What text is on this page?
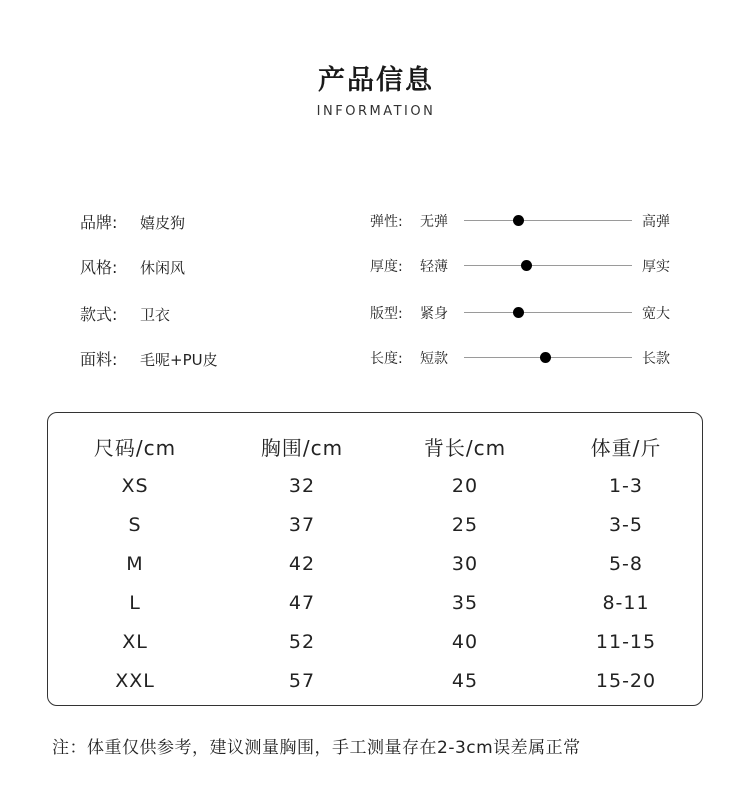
产品信息
INFORMATION
品牌: 嬉皮狗
风格: 休闲风
款式: 卫衣
面料: 毛呢+PU皮
弹性: 无弹	高弹
厚度: 轻薄	厚实
版型: 紧身	宽大
长度: 短款	长款
尺码/cm	胸围/cm	背长/cm	体重/斤
XS	32	20	1-3
S	37	25	3-5
M	42	30	5-8
L	47	35	8-11
XL	52	40	11-15
XXL	57	45	15-20
注：体重仅供参考，建议测量胸围，手工测量存在2-3cm误差属正常
